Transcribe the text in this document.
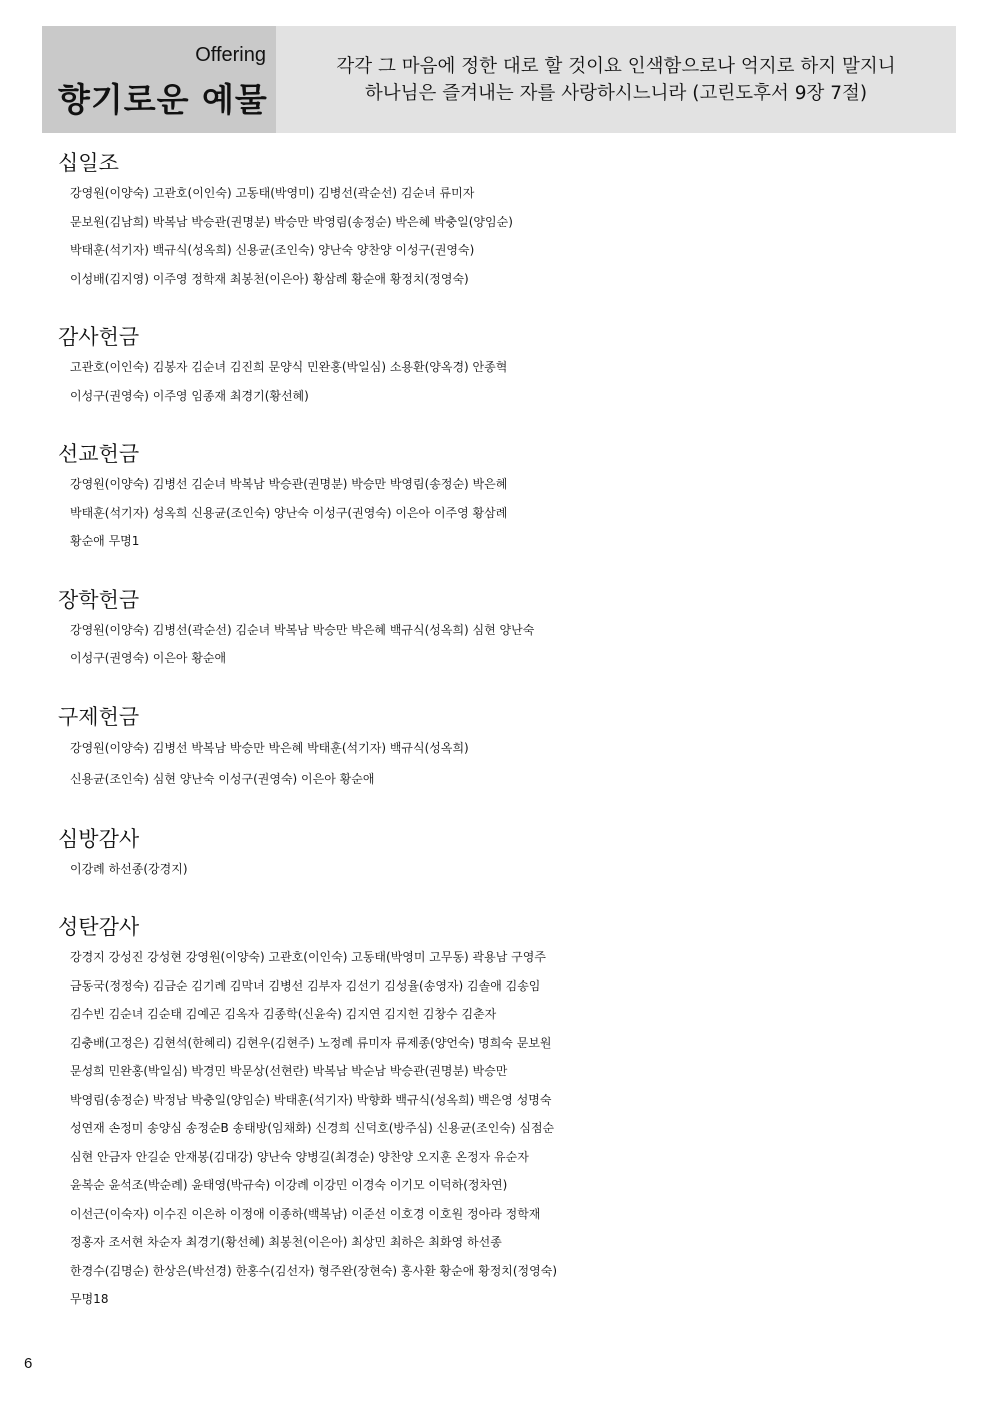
Offering
향기로운 예물
각각 그 마음에 정한 대로 할 것이요 인색함으로나 억지로 하지 말지니
하나님은 즐겨내는 자를 사랑하시느니라 (고린도후서 9장 7절)
십일조
강영원(이양숙) 고관호(이인숙) 고동태(박영미) 김병선(곽순선) 김순녀 류미자
문보원(김남희) 박복남 박승관(권명분) 박승만 박영림(송정순) 박은혜 박충일(양임순)
박태훈(석기자) 백규식(성옥희) 신용균(조인숙) 양난숙 양찬양 이성구(권영숙)
이성배(김지영) 이주영 정학재 최봉천(이은아) 황삼례 황순애 황정치(정영숙)
감사헌금
고관호(이인숙) 김봉자 김순녀 김진희 문양식 민완홍(박일심) 소용환(양옥경) 안종혁
이성구(권영숙) 이주영 임종재 최경기(황선혜)
선교헌금
강영원(이양숙) 김병선 김순녀 박복남 박승관(권명분) 박승만 박영림(송정순) 박은혜
박태훈(석기자) 성옥희 신용균(조인숙) 양난숙 이성구(권영숙) 이은아 이주영 황삼례
황순애 무명1
장학헌금
강영원(이양숙) 김병선(곽순선) 김순녀 박복남 박승만 박은혜 백규식(성옥희) 심현 양난숙
이성구(권영숙) 이은아 황순애
구제헌금
강영원(이양숙) 김병선 박복남 박승만 박은혜 박태훈(석기자) 백규식(성옥희)
신용균(조인숙) 심현 양난숙 이성구(권영숙) 이은아 황순애
심방감사
이강례 하선종(강경지)
성탄감사
강경지 강성진 강성현 강영원(이양숙) 고관호(이인숙) 고동태(박영미 고무동) 곽용남 구영주
금동국(정정숙) 김금순 김기례 김막녀 김병선 김부자 김선기 김성율(송영자) 김솔애 김송임
김수빈 김순녀 김순태 김예곤 김옥자 김종학(신윤숙) 김지연 김지헌 김창수 김춘자
김충배(고정은) 김현석(한혜리) 김현우(김현주) 노정례 류미자 류제종(양언숙) 명희숙 문보원
문성희 민완홍(박일심) 박경민 박문상(선현란) 박복남 박순남 박승관(권명분) 박승만
박영림(송정순) 박정남 박충일(양임순) 박태훈(석기자) 박향화 백규식(성옥희) 백은영 성명숙
성연재 손정미 송양심 송정순B 송태방(임채화) 신경희 신덕호(방주심) 신용균(조인숙) 심점순
심현 안금자 안길순 안재봉(김대강) 양난숙 양병길(최경순) 양찬양 오지훈 온정자 유순자
윤복순 윤석조(박순례) 윤태영(박규숙) 이강례 이강민 이경숙 이기모 이덕하(정차연)
이선근(이숙자) 이수진 이은하 이정애 이종하(백복남) 이준선 이호경 이호원 정아라 정학재
정홍자 조서현 차순자 최경기(황선혜) 최봉천(이은아) 최상민 최하은 최화영 하선종
한경수(김명순) 한상은(박선경) 한홍수(김선자) 형주완(장현숙) 홍사환 황순애 황정치(정영숙)
무명18
6
